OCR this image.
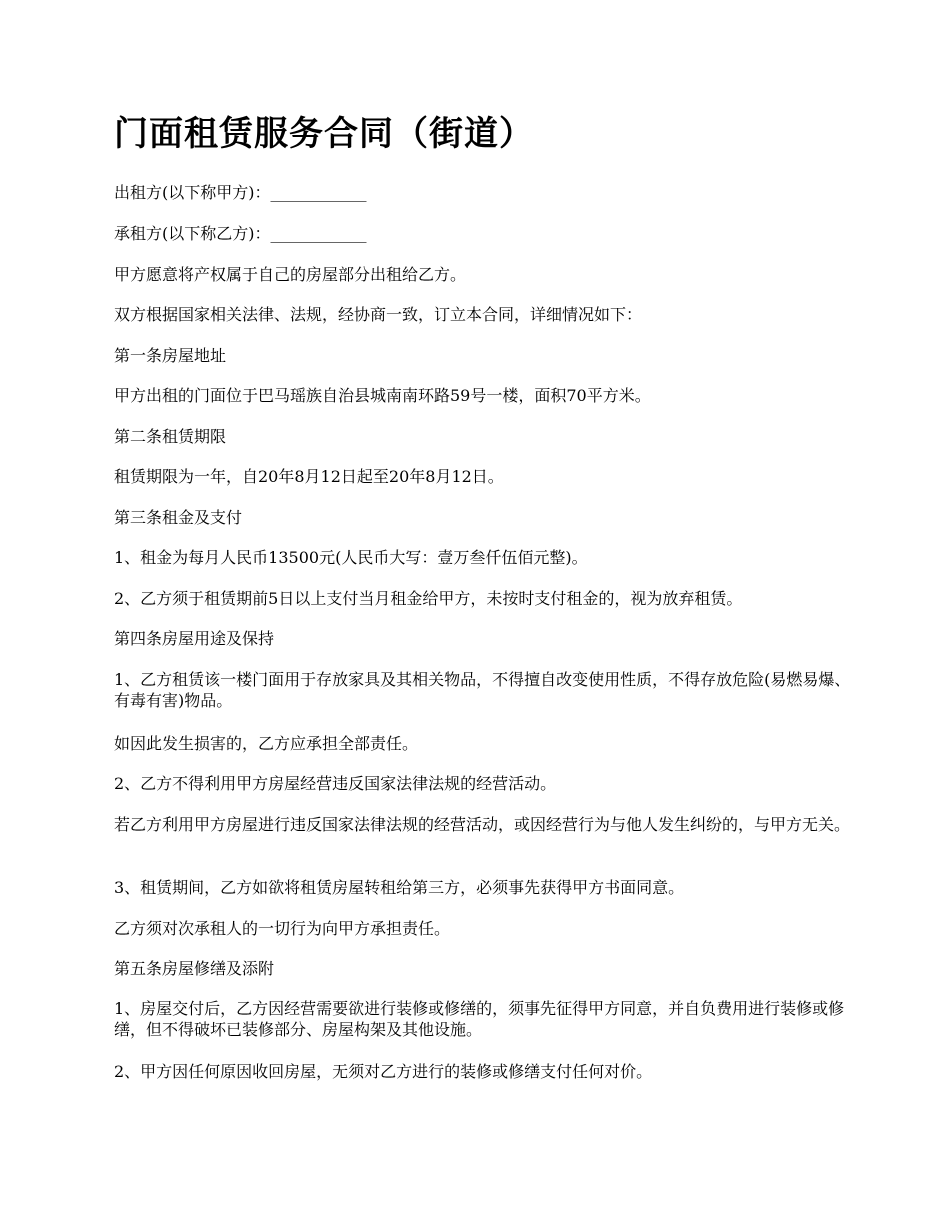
门面租赁服务合同（街道）

出租方(以下称甲方)：____________

承租方(以下称乙方)：____________

甲方愿意将产权属于自己的房屋部分出租给乙方。

双方根据国家相关法律、法规，经协商一致，订立本合同，详细情况如下：

第一条房屋地址

甲方出租的门面位于巴马瑶族自治县城南南环路59号一楼，面积70平方米。

第二条租赁期限

租赁期限为一年，自20年8月12日起至20年8月12日。

第三条租金及支付

1、租金为每月人民币13500元(人民币大写：壹万叁仟伍佰元整)。

2、乙方须于租赁期前5日以上支付当月租金给甲方，未按时支付租金的，视为放弃租赁。

第四条房屋用途及保持

1、乙方租赁该一楼门面用于存放家具及其相关物品，不得擅自改变使用性质，不得存放危险(易燃易爆、有毒有害)物品。

如因此发生损害的，乙方应承担全部责任。

2、乙方不得利用甲方房屋经营违反国家法律法规的经营活动。

若乙方利用甲方房屋进行违反国家法律法规的经营活动，或因经营行为与他人发生纠纷的，与甲方无关。

3、租赁期间，乙方如欲将租赁房屋转租给第三方，必须事先获得甲方书面同意。

乙方须对次承租人的一切行为向甲方承担责任。

第五条房屋修缮及添附

1、房屋交付后，乙方因经营需要欲进行装修或修缮的，须事先征得甲方同意，并自负费用进行装修或修缮，但不得破坏已装修部分、房屋构架及其他设施。

2、甲方因任何原因收回房屋，无须对乙方进行的装修或修缮支付任何对价。
